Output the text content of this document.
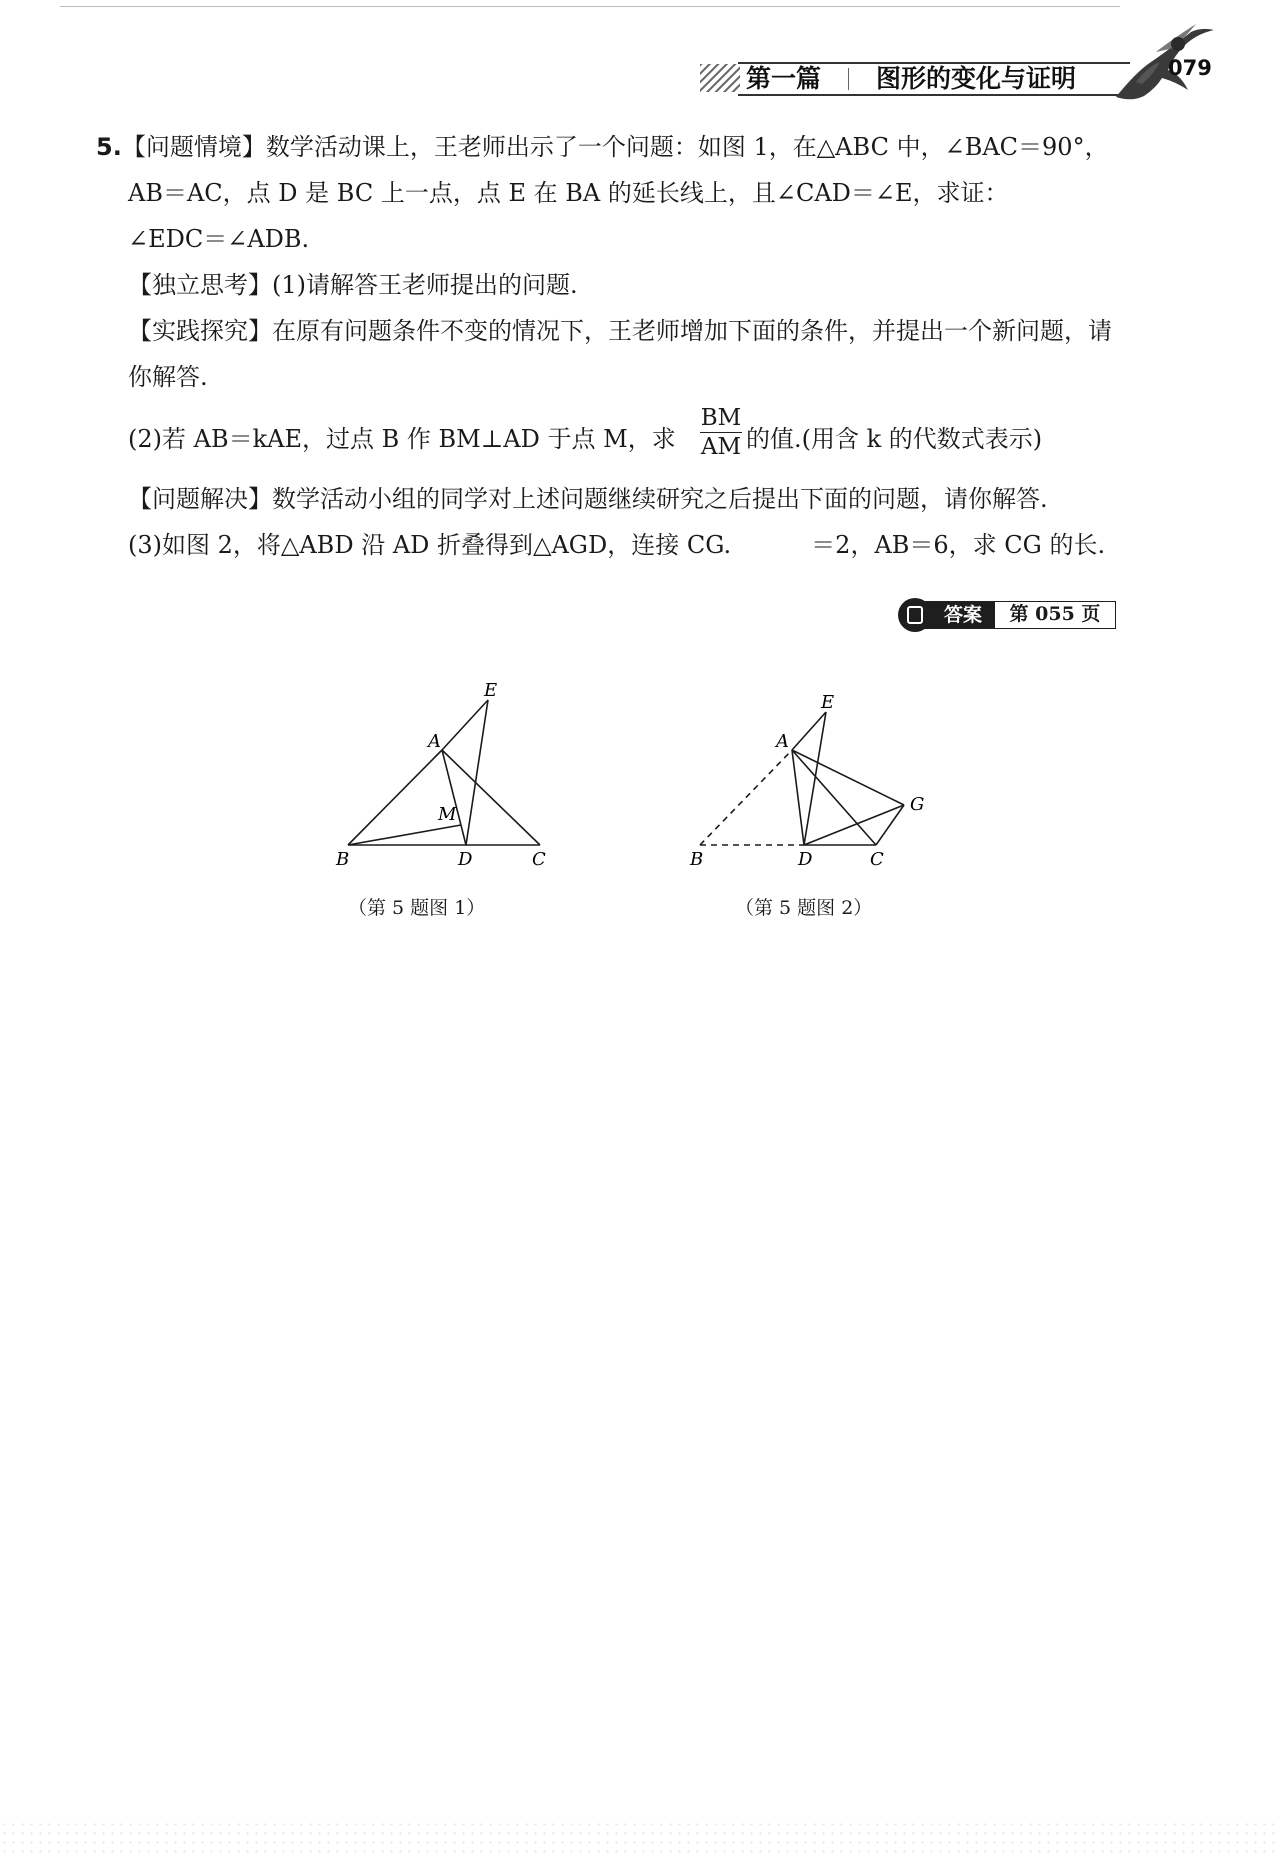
第一篇 图形的变化与证明	079
5.【问题情境】数学活动课上，王老师出示了一个问题：如图 1，在△ABC 中，∠BAC＝90°，
AB＝AC，点 D 是 BC 上一点，点 E 在 BA 的延长线上，且∠CAD＝∠E，求证：
∠EDC＝∠ADB.
【独立思考】(1)请解答王老师提出的问题.
【实践探究】在原有问题条件不变的情况下，王老师增加下面的条件，并提出一个新问题，请
你解答.
(2)若 AB＝kAE，过点 B 作 BM⊥AD 于点 M，求
BM
AM 的值.(用含 k 的代数式表示)
【问题解决】数学活动小组的同学对上述问题继续研究之后提出下面的问题，请你解答.
(3)如图 2，将△ABD 沿 AD 折叠得到△AGD，连接 CG.	＝2，AB＝6，求 CG 的长.
答案	第 055 页
B	D	C
A
E
M
（第 5 题图 1）
B	D	C
A
E
G
（第 5 题图 2）
